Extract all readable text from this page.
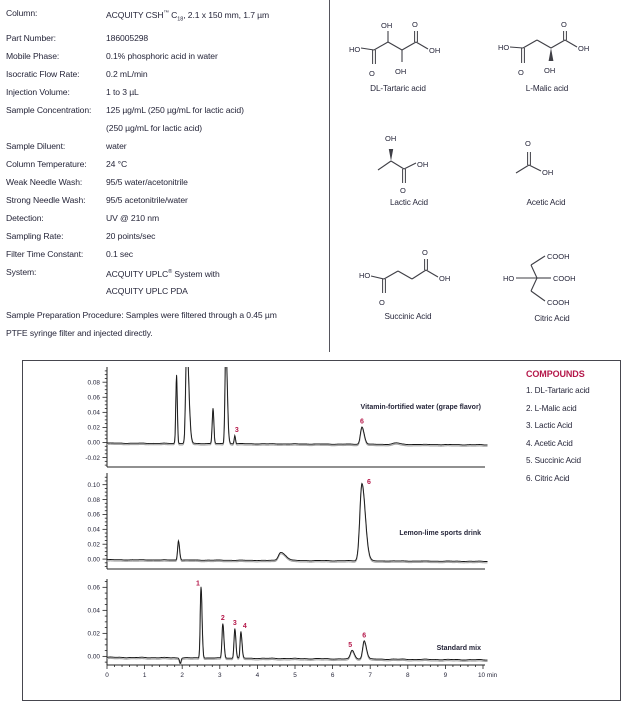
Column:	ACQUITY CSH™ $C_{18}$, 2.1 x 150 mm, 1.7 µm
Part Number:	186005298
Mobile Phase:	0.1% phosphoric acid in water
Isocratic Flow Rate:	0.2 mL/min
Injection Volume:	1 to 3 µL
Sample Concentration:	125 µg/mL (250 µg/mL for lactic acid)
(250 µg/mL for lactic acid)
Sample Diluent:	water
Column Temperature:	24 °C
Weak Needle Wash:	95/5 water/acetonitrile
Strong Needle Wash:	95/5 acetonitrile/water
Detection:	UV @ 210 nm
Sampling Rate:	20 points/sec
Filter Time Constant:	0.1 sec
System:	ACQUITY UPLC® System with
ACQUITY UPLC PDA
Sample Preparation Procedure: Samples were filtered through a 0.45 µm
PTFE syringe filter and injected directly.
HO
O
OH
OH
O
OH
DL-Tartaric acid
HO
O	OH
O
OH
L-Malic acid
OH
OH
O
Lactic Acid
O
OH
Acetic Acid
HO
O
O
OH
Succinic Acid
COOH
HO	COOH
COOH
Citric Acid
-0.02
0.00
0.02
0.04
0.06
0.08
3
6
Vitamin-fortified water (grape flavor)
0.00
0.02
0.04
0.06
0.08
0.10	6
Lemon-lime sports drink
0.00
0.02
0.04
0.06
1
2
3 4
5
6
Standard mix
0	1	2	3	4	5	6	7	8	9	10 min
COMPOUNDS
1. DL-Tartaric acid
2. L-Malic acid
3. Lactic Acid
4. Acetic Acid
5. Succinic Acid
6. Citric Acid
